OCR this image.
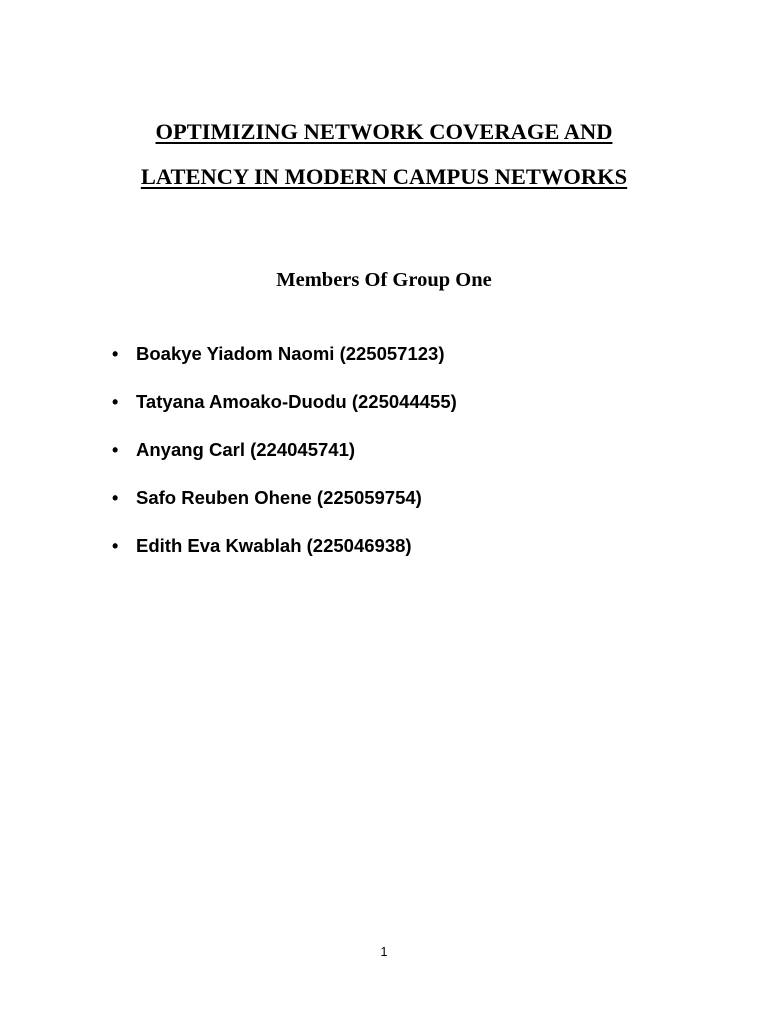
OPTIMIZING NETWORK COVERAGE AND
LATENCY IN MODERN CAMPUS NETWORKS
Members Of Group One
• Boakye Yiadom Naomi (225057123)
• Tatyana Amoako-Duodu (225044455)
• Anyang Carl (224045741)
• Safo Reuben Ohene (225059754)
• Edith Eva Kwablah (225046938)
1
